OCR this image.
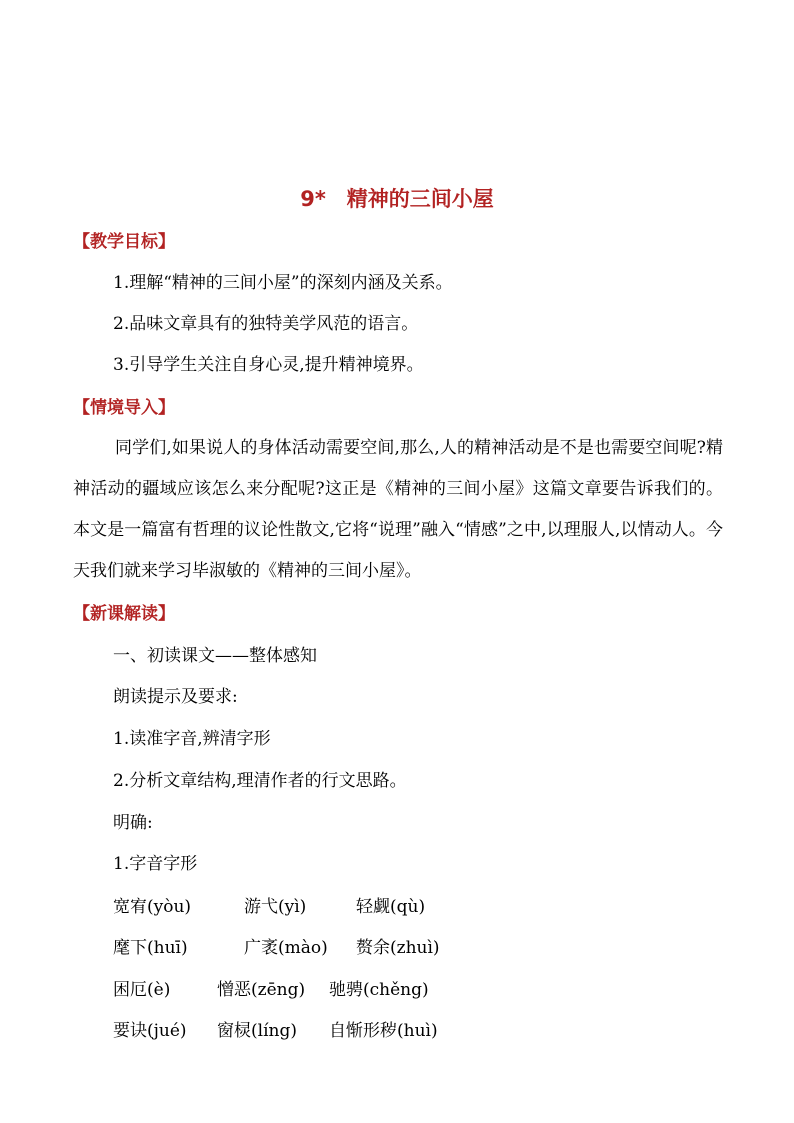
9*　精神的三间小屋
【教学目标】
1.理解“精神的三间小屋”的深刻内涵及关系。
2.品味文章具有的独特美学风范的语言。
3.引导学生关注自身心灵,提升精神境界。
【情境导入】
同学们,如果说人的身体活动需要空间,那么,人的精神活动是不是也需要空间呢?精神活动的疆域应该怎么来分配呢?这正是《精神的三间小屋》这篇文章要告诉我们的。本文是一篇富有哲理的议论性散文,它将“说理”融入“情感”之中,以理服人,以情动人。今天我们就来学习毕淑敏的《精神的三间小屋》。
【新课解读】
一、初读课文——整体感知
朗读提示及要求:
1.读准字音,辨清字形
2.分析文章结构,理清作者的行文思路。
明确:
1.字音字形
宽宥(yòu)	游弋(yì)	轻觑(qù)
麾下(huī)	广袤(mào) 赘余(zhuì)
困厄(è)	憎恶(zēng) 驰骋(chěng)
要诀(jué) 窗棂(líng) 自惭形秽(huì)
